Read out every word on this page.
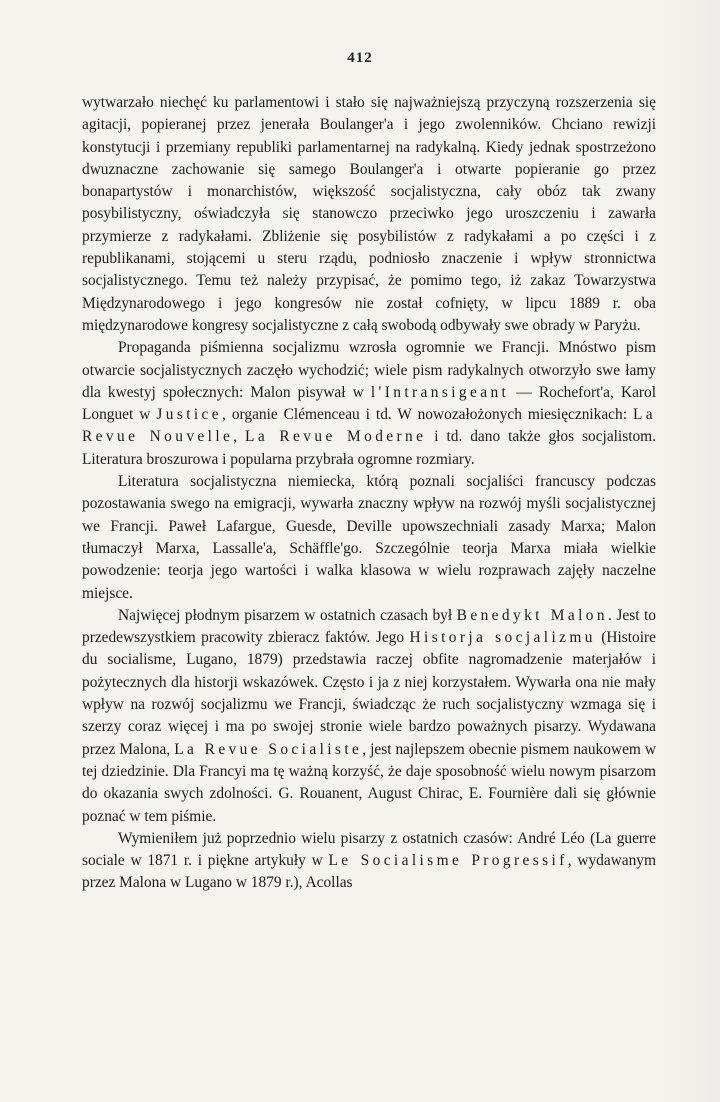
412

wytwarzało niechęć ku parlamentowi i stało się najważniejszą przyczyną rozszerzenia się agitacji, popieranej przez jenerała Boulanger'a i jego zwolenników. Chciano rewizji konstytucji i przemiany republiki parlamentarnej na radykalną. Kiedy jednak spostrzeżono dwuznaczne zachowanie się samego Boulanger'a i otwarte popieranie go przez bonapartystów i monarchistów, większość socjalistyczna, cały obóz tak zwany posybilistyczny, oświadczyła się stanowczo przeciwko jego uroszczeniu i zawarła przymierze z radykałami. Zbliżenie się posybilistów z radykałami a po części i z republikanami, stojącemi u steru rządu, podniosło znaczenie i wpływ stronnictwa socjalistycznego. Temu też należy przypisać, że pomimo tego, iż zakaz Towarzystwa Międzynarodowego i jego kongresów nie został cofnięty, w lipcu 1889 r. oba międzynarodowe kongresy socjalistyczne z całą swobodą odbywały swe obrady w Paryżu.

Propaganda piśmienna socjalizmu wzrosła ogromnie we Francji. Mnóstwo pism otwarcie socjalistycznych zaczęło wychodzić; wiele pism radykalnych otworzyło swe łamy dla kwestyj społecznych: Malon pisywał w l'Intransigeant — Rochefort'a, Karol Longuet w Justice, organie Clémenceau i td. W nowozałożonych miesięcznikach: La Revue Nouvelle, La Revue Moderne i td. dano także głos socjalistom. Literatura broszurowa i popularna przybrała ogromne rozmiary.

Literatura socjalistyczna niemiecka, którą poznali socjaliści francuscy podczas pozostawania swego na emigracji, wywarła znaczny wpływ na rozwój myśli socjalistycznej we Francji. Paweł Lafargue, Guesde, Deville upowszechniali zasady Marxa; Malon tłumaczył Marxa, Lassalle'a, Schäffle'go. Szczególnie teorja Marxa miała wielkie powodzenie: teorja jego wartości i walka klasowa w wielu rozprawach zajęły naczelne miejsce.

Najwięcej płodnym pisarzem w ostatnich czasach był Benedykt Malon. Jest to przedewszystkiem pracowity zbieracz faktów. Jego Historja socjalizmu (Histoire du socialisme, Lugano, 1879) przedstawia raczej obfite nagromadzenie materjałów i pożytecznych dla historji wskazówek. Często i ja z niej korzystałem. Wywarła ona nie mały wpływ na rozwój socjalizmu we Francji, świadcząc że ruch socjalistyczny wzmaga się i szerzy coraz więcej i ma po swojej stronie wiele bardzo poważnych pisarzy. Wydawana przez Malona, La Revue Socialiste, jest najlepszem obecnie pismem naukowem w tej dziedzinie. Dla Francyi ma tę ważną korzyść, że daje sposobność wielu nowym pisarzom do okazania swych zdolności. G. Rouanent, August Chirac, E. Fournière dali się głównie poznać w tem piśmie.

Wymieniłem już poprzednio wielu pisarzy z ostatnich czasów: André Léo (La guerre sociale w 1871 r. i piękne artykuły w Le Socialisme Progressif, wydawanym przez Malona w Lugano w 1879 r.), Acollas
